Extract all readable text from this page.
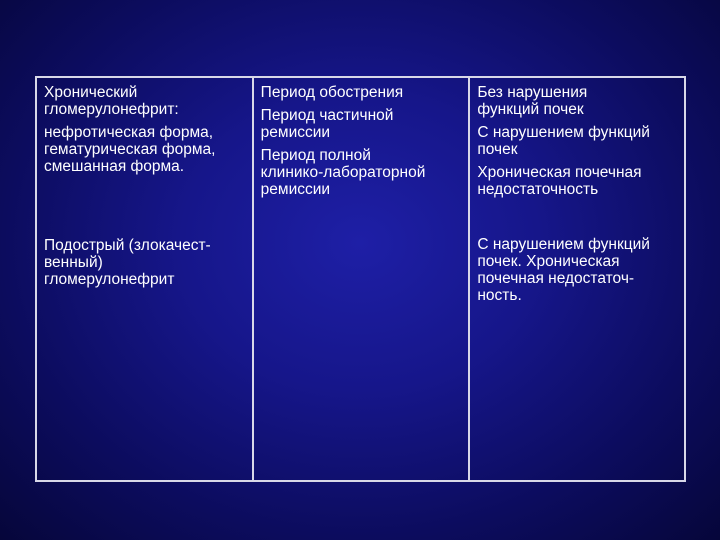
Хронический
гломерулонефрит:
нефротическая форма,
гематурическая форма,
смешанная форма.
Подострый (злокачест-
венный)
гломерулонефрит
Период обострения
Период частичной
ремиссии
Период полной
клинико-лабораторной
ремиссии
Без нарушения
функций почек
С нарушением функций
почек
Хроническая почечная
недостаточность
С нарушением функций
почек. Хроническая
почечная недостаточ-
ность.
